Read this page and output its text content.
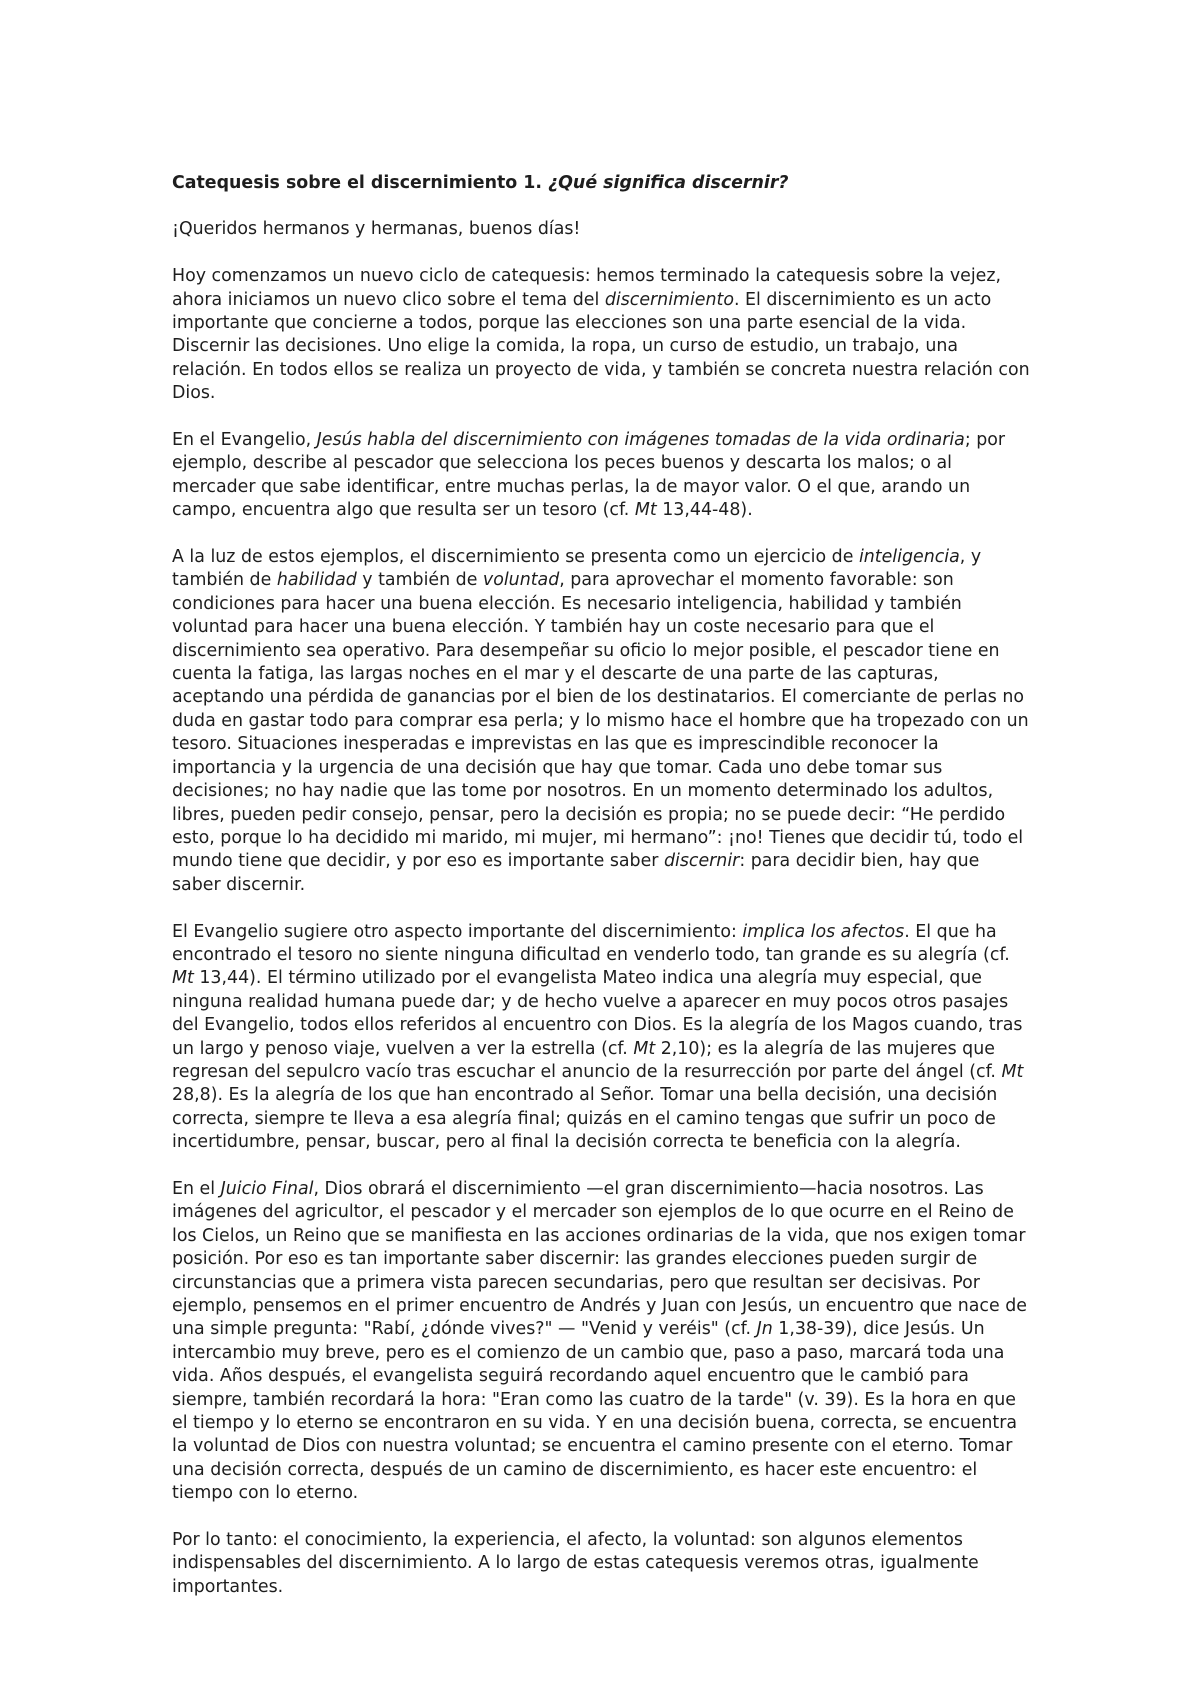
Catequesis sobre el discernimiento 1. ¿Qué significa discernir?
¡Queridos hermanos y hermanas, buenos días!
Hoy comenzamos un nuevo ciclo de catequesis: hemos terminado la catequesis sobre la vejez, ahora iniciamos un nuevo clico sobre el tema del discernimiento. El discernimiento es un acto importante que concierne a todos, porque las elecciones son una parte esencial de la vida. Discernir las decisiones. Uno elige la comida, la ropa, un curso de estudio, un trabajo, una relación. En todos ellos se realiza un proyecto de vida, y también se concreta nuestra relación con Dios.
En el Evangelio, Jesús habla del discernimiento con imágenes tomadas de la vida ordinaria; por ejemplo, describe al pescador que selecciona los peces buenos y descarta los malos; o al mercader que sabe identificar, entre muchas perlas, la de mayor valor. O el que, arando un campo, encuentra algo que resulta ser un tesoro (cf. Mt 13,44-48).
A la luz de estos ejemplos, el discernimiento se presenta como un ejercicio de inteligencia, y también de habilidad y también de voluntad, para aprovechar el momento favorable: son condiciones para hacer una buena elección. Es necesario inteligencia, habilidad y también voluntad para hacer una buena elección. Y también hay un coste necesario para que el discernimiento sea operativo. Para desempeñar su oficio lo mejor posible, el pescador tiene en cuenta la fatiga, las largas noches en el mar y el descarte de una parte de las capturas, aceptando una pérdida de ganancias por el bien de los destinatarios. El comerciante de perlas no duda en gastar todo para comprar esa perla; y lo mismo hace el hombre que ha tropezado con un tesoro. Situaciones inesperadas e imprevistas en las que es imprescindible reconocer la importancia y la urgencia de una decisión que hay que tomar. Cada uno debe tomar sus decisiones; no hay nadie que las tome por nosotros. En un momento determinado los adultos, libres, pueden pedir consejo, pensar, pero la decisión es propia; no se puede decir: “He perdido esto, porque lo ha decidido mi marido, mi mujer, mi hermano”: ¡no! Tienes que decidir tú, todo el mundo tiene que decidir, y por eso es importante saber discernir: para decidir bien, hay que saber discernir.
El Evangelio sugiere otro aspecto importante del discernimiento: implica los afectos. El que ha encontrado el tesoro no siente ninguna dificultad en venderlo todo, tan grande es su alegría (cf. Mt 13,44). El término utilizado por el evangelista Mateo indica una alegría muy especial, que ninguna realidad humana puede dar; y de hecho vuelve a aparecer en muy pocos otros pasajes del Evangelio, todos ellos referidos al encuentro con Dios. Es la alegría de los Magos cuando, tras un largo y penoso viaje, vuelven a ver la estrella (cf. Mt 2,10); es la alegría de las mujeres que regresan del sepulcro vacío tras escuchar el anuncio de la resurrección por parte del ángel (cf. Mt 28,8). Es la alegría de los que han encontrado al Señor. Tomar una bella decisión, una decisión correcta, siempre te lleva a esa alegría final; quizás en el camino tengas que sufrir un poco de incertidumbre, pensar, buscar, pero al final la decisión correcta te beneficia con la alegría.
En el Juicio Final, Dios obrará el discernimiento —el gran discernimiento—hacia nosotros. Las imágenes del agricultor, el pescador y el mercader son ejemplos de lo que ocurre en el Reino de los Cielos, un Reino que se manifiesta en las acciones ordinarias de la vida, que nos exigen tomar posición. Por eso es tan importante saber discernir: las grandes elecciones pueden surgir de circunstancias que a primera vista parecen secundarias, pero que resultan ser decisivas. Por ejemplo, pensemos en el primer encuentro de Andrés y Juan con Jesús, un encuentro que nace de una simple pregunta: "Rabí, ¿dónde vives?" — "Venid y veréis" (cf. Jn 1,38-39), dice Jesús. Un intercambio muy breve, pero es el comienzo de un cambio que, paso a paso, marcará toda una vida. Años después, el evangelista seguirá recordando aquel encuentro que le cambió para siempre, también recordará la hora: "Eran como las cuatro de la tarde" (v. 39). Es la hora en que el tiempo y lo eterno se encontraron en su vida. Y en una decisión buena, correcta, se encuentra la voluntad de Dios con nuestra voluntad; se encuentra el camino presente con el eterno. Tomar una decisión correcta, después de un camino de discernimiento, es hacer este encuentro: el tiempo con lo eterno.
Por lo tanto: el conocimiento, la experiencia, el afecto, la voluntad: son algunos elementos indispensables del discernimiento. A lo largo de estas catequesis veremos otras, igualmente importantes.
